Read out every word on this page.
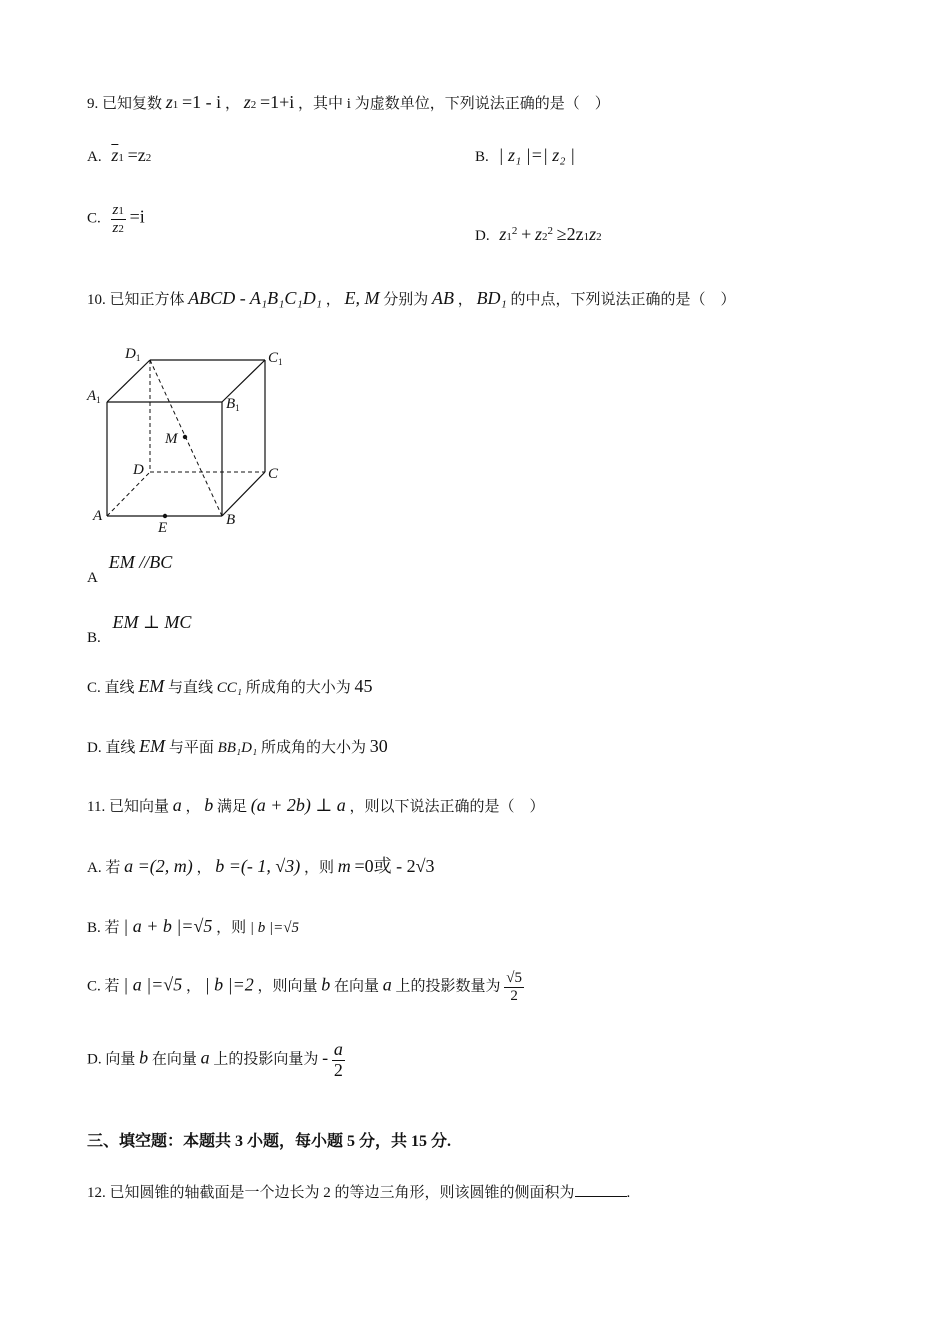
9. 已知复数 z1 =1 - i ， z2 =1+i ，其中 i 为虚数单位，下列说法正确的是（　）
A. $\overline{z}1 =z2$	B. | z₁ |=| z₂ |
C. $\frac{z1}{z2} =i$
D. $z1^2 + z2^2 \ge 2z1z2$
10. 已知正方体 ABCD - A₁B₁C₁D₁ ， E, M 分别为 AB ， BD₁ 的中点，下列说法正确的是（　）
$D_1$	$C_1$
$A_1$	$B_1$
M
D	C
A	B
E
A EM //BC
B. EM ⊥ MC
C. 直线 EM 与直线 CC₁ 所成角的大小为 45
D. 直线 EM 与平面 BB₁D₁ 所成角的大小为 30
11. 已知向量 a ， b 满足 (a + 2b) ⊥ a ，则以下说法正确的是（　）
A. 若 a =(2, m) ， b =(- 1, √3) ，则 m =0或 - 2√3
B. 若 | a + b |=√5 ，则 | b |=√5
C. 若 | a |=√5 ， | b |=2 ，则向量 b 在向量 a 上的投影数量为 $\frac{√5}{2}$
D. 向量 b 在向量 a 上的投影向量为 - $\frac{a}{2}$
三、填空题：本题共 3 小题，每小题 5 分，共 15 分.
12. 已知圆锥的轴截面是一个边长为 2 的等边三角形，则该圆锥的侧面积为	.
